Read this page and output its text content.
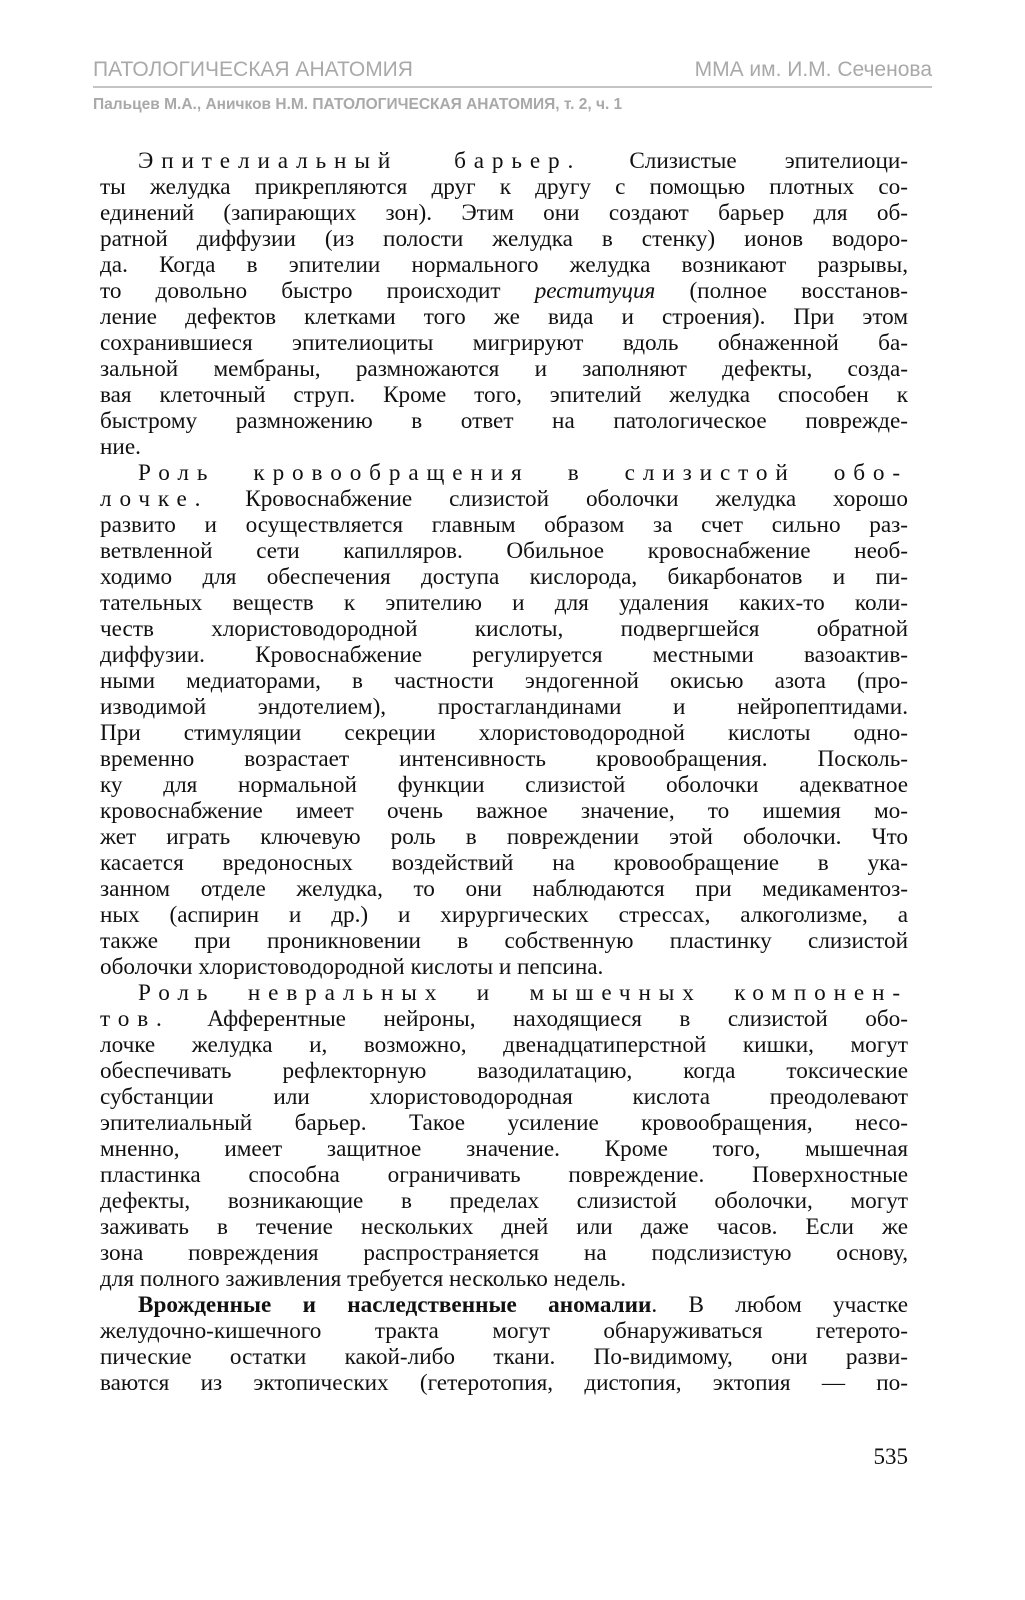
ПАТОЛОГИЧЕСКАЯ АНАТОМИЯ	ММА им. И.М. Сеченова
Пальцев М.А., Аничков Н.М. ПАТОЛОГИЧЕСКАЯ АНАТОМИЯ, т. 2, ч. 1
Эпителиальный барьер. Слизистые эпителиоци-
ты желудка прикрепляются друг к другу с помощью плотных со-
единений (запирающих зон). Этим они создают барьер для об-
ратной диффузии (из полости желудка в стенку) ионов водоро-
да. Когда в эпителии нормального желудка возникают разрывы,
то довольно быстро происходит реституция (полное восстанов-
ление дефектов клетками того же вида и строения). При этом
сохранившиеся эпителиоциты мигрируют вдоль обнаженной ба-
зальной мембраны, размножаются и заполняют дефекты, созда-
вая клеточный струп. Кроме того, эпителий желудка способен к
быстрому размножению в ответ на патологическое поврежде-
ние.
Роль кровообращения в слизистой обо-
лочке. Кровоснабжение слизистой оболочки желудка хорошо
развито и осуществляется главным образом за счет сильно раз-
ветвленной сети капилляров. Обильное кровоснабжение необ-
ходимо для обеспечения доступа кислорода, бикарбонатов и пи-
тательных веществ к эпителию и для удаления каких-то коли-
честв хлористоводородной кислоты, подвергшейся обратной
диффузии. Кровоснабжение регулируется местными вазоактив-
ными медиаторами, в частности эндогенной окисью азота (про-
изводимой эндотелием), простагландинами и нейропептидами.
При стимуляции секреции хлористоводородной кислоты одно-
временно возрастает интенсивность кровообращения. Посколь-
ку для нормальной функции слизистой оболочки адекватное
кровоснабжение имеет очень важное значение, то ишемия мо-
жет играть ключевую роль в повреждении этой оболочки. Что
касается вредоносных воздействий на кровообращение в ука-
занном отделе желудка, то они наблюдаются при медикаментоз-
ных (аспирин и др.) и хирургических стрессах, алкоголизме, а
также при проникновении в собственную пластинку слизистой
оболочки хлористоводородной кислоты и пепсина.
Роль невральных и мышечных компонен-
тов. Афферентные нейроны, находящиеся в слизистой обо-
лочке желудка и, возможно, двенадцатиперстной кишки, могут
обеспечивать рефлекторную вазодилатацию, когда токсические
субстанции или хлористоводородная кислота преодолевают
эпителиальный барьер. Такое усиление кровообращения, несо-
мненно, имеет защитное значение. Кроме того, мышечная
пластинка способна ограничивать повреждение. Поверхностные
дефекты, возникающие в пределах слизистой оболочки, могут
заживать в течение нескольких дней или даже часов. Если же
зона повреждения распространяется на подслизистую основу,
для полного заживления требуется несколько недель.
Врожденные и наследственные аномалии. В любом участке
желудочно-кишечного тракта могут обнаруживаться гетерото-
пические остатки какой-либо ткани. По-видимому, они разви-
ваются из эктопических (гетеротопия, дистопия, эктопия — по-
535
